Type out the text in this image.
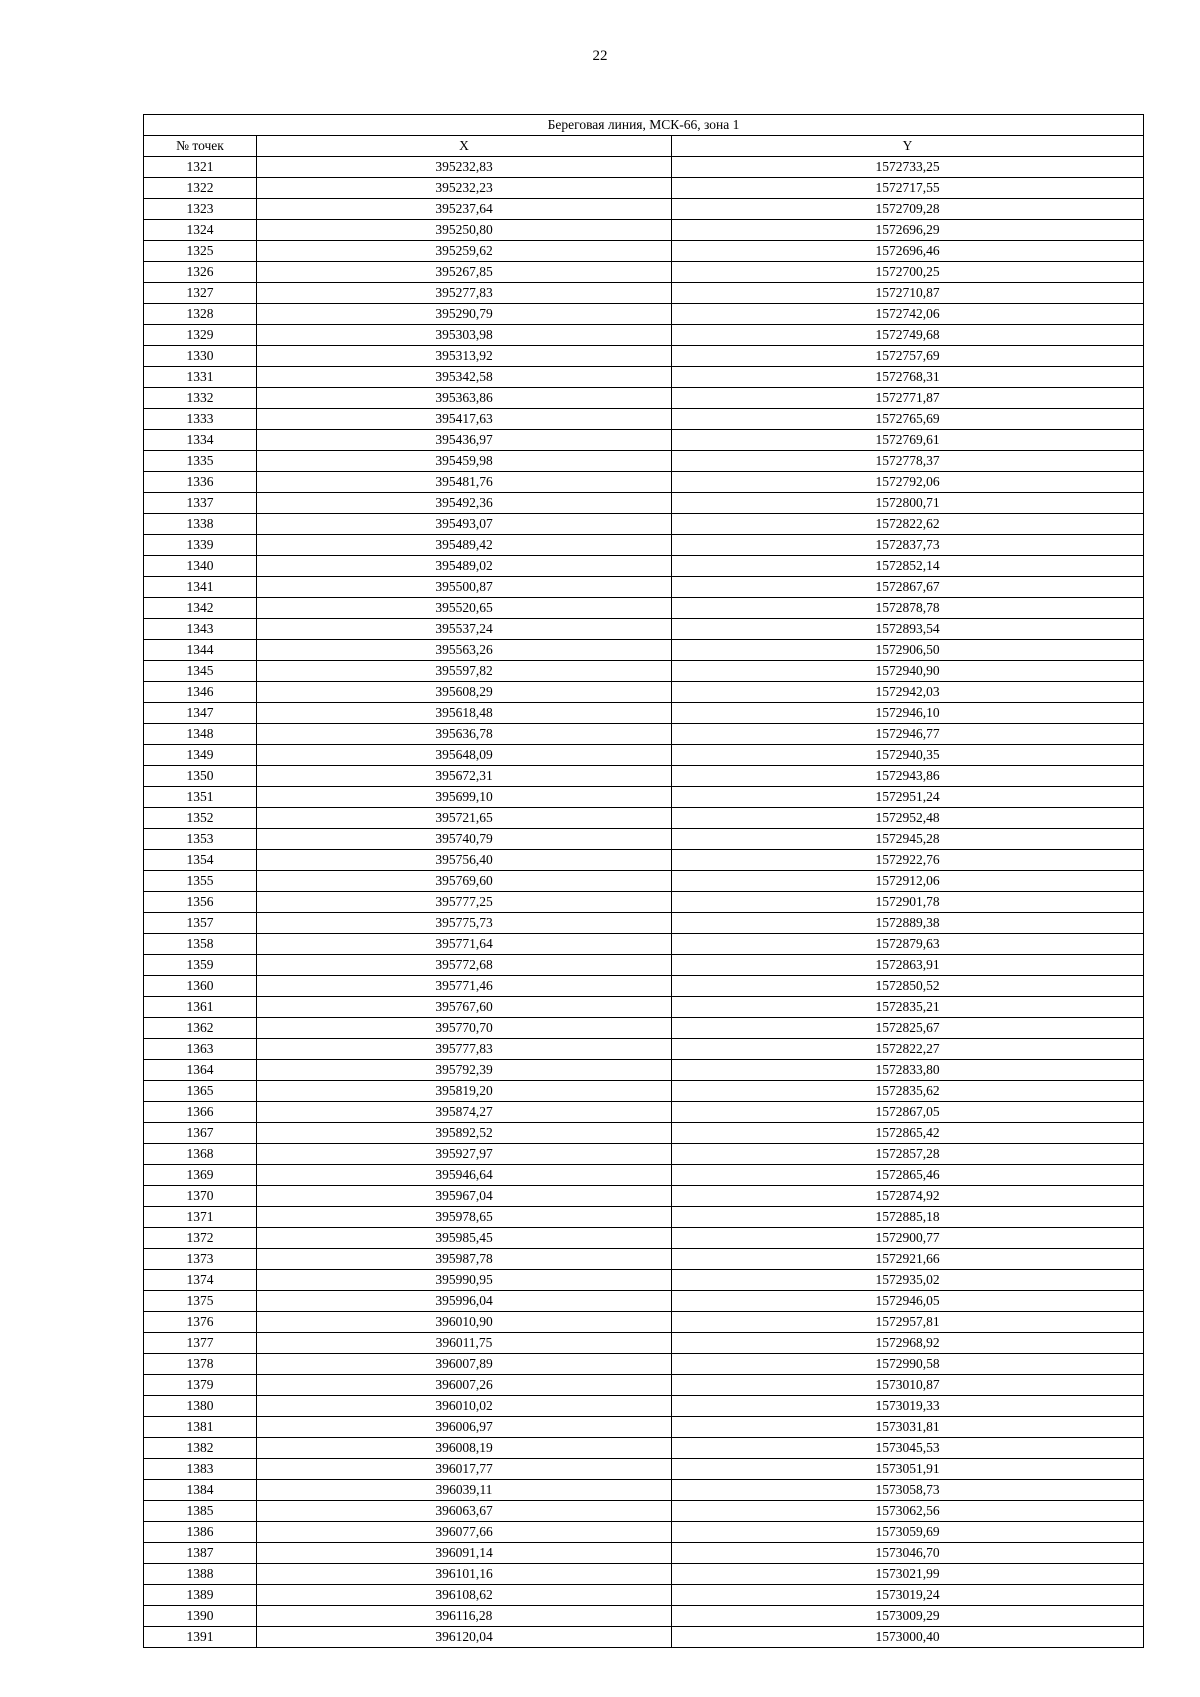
22
Береговая линия, МСК-66, зона 1		
№ точек	X	Y
1321	395232,83	1572733,25
1322	395232,23	1572717,55
1323	395237,64	1572709,28
1324	395250,80	1572696,29
1325	395259,62	1572696,46
1326	395267,85	1572700,25
1327	395277,83	1572710,87
1328	395290,79	1572742,06
1329	395303,98	1572749,68
1330	395313,92	1572757,69
1331	395342,58	1572768,31
1332	395363,86	1572771,87
1333	395417,63	1572765,69
1334	395436,97	1572769,61
1335	395459,98	1572778,37
1336	395481,76	1572792,06
1337	395492,36	1572800,71
1338	395493,07	1572822,62
1339	395489,42	1572837,73
1340	395489,02	1572852,14
1341	395500,87	1572867,67
1342	395520,65	1572878,78
1343	395537,24	1572893,54
1344	395563,26	1572906,50
1345	395597,82	1572940,90
1346	395608,29	1572942,03
1347	395618,48	1572946,10
1348	395636,78	1572946,77
1349	395648,09	1572940,35
1350	395672,31	1572943,86
1351	395699,10	1572951,24
1352	395721,65	1572952,48
1353	395740,79	1572945,28
1354	395756,40	1572922,76
1355	395769,60	1572912,06
1356	395777,25	1572901,78
1357	395775,73	1572889,38
1358	395771,64	1572879,63
1359	395772,68	1572863,91
1360	395771,46	1572850,52
1361	395767,60	1572835,21
1362	395770,70	1572825,67
1363	395777,83	1572822,27
1364	395792,39	1572833,80
1365	395819,20	1572835,62
1366	395874,27	1572867,05
1367	395892,52	1572865,42
1368	395927,97	1572857,28
1369	395946,64	1572865,46
1370	395967,04	1572874,92
1371	395978,65	1572885,18
1372	395985,45	1572900,77
1373	395987,78	1572921,66
1374	395990,95	1572935,02
1375	395996,04	1572946,05
1376	396010,90	1572957,81
1377	396011,75	1572968,92
1378	396007,89	1572990,58
1379	396007,26	1573010,87
1380	396010,02	1573019,33
1381	396006,97	1573031,81
1382	396008,19	1573045,53
1383	396017,77	1573051,91
1384	396039,11	1573058,73
1385	396063,67	1573062,56
1386	396077,66	1573059,69
1387	396091,14	1573046,70
1388	396101,16	1573021,99
1389	396108,62	1573019,24
1390	396116,28	1573009,29
1391	396120,04	1573000,40
